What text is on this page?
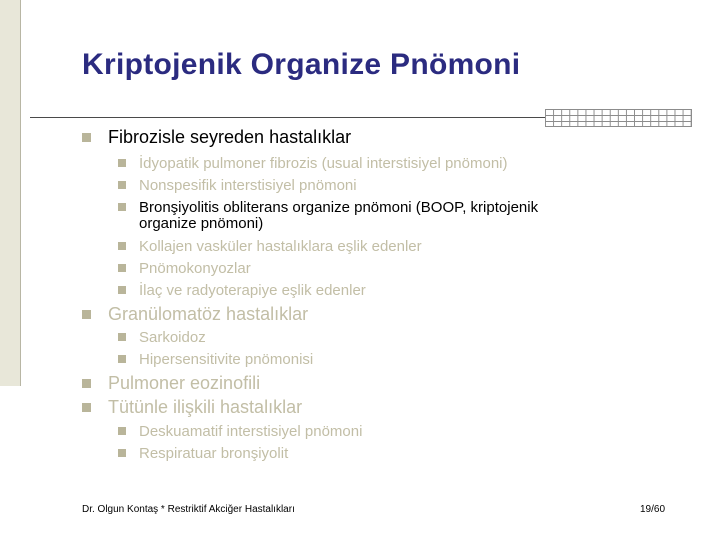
Kriptojenik Organize Pnömoni
Fibrozisle seyreden hastalıklar
İdyopatik pulmoner fibrozis (usual interstisiyel pnömoni)
Nonspesifik interstisiyel pnömoni
Bronşiyolitis obliterans organize pnömoni (BOOP, kriptojenik
organize pnömoni)
Kollajen vasküler hastalıklara eşlik edenler
Pnömokonyozlar
İlaç ve radyoterapiye eşlik edenler
Granülomatöz hastalıklar
Sarkoidoz
Hipersensitivite pnömonisi
Pulmoner eozinofili
Tütünle ilişkili hastalıklar
Deskuamatif interstisiyel pnömoni
Respiratuar bronşiyolit
Dr. Olgun Kontaş * Restriktif Akciğer Hastalıkları	19/60
